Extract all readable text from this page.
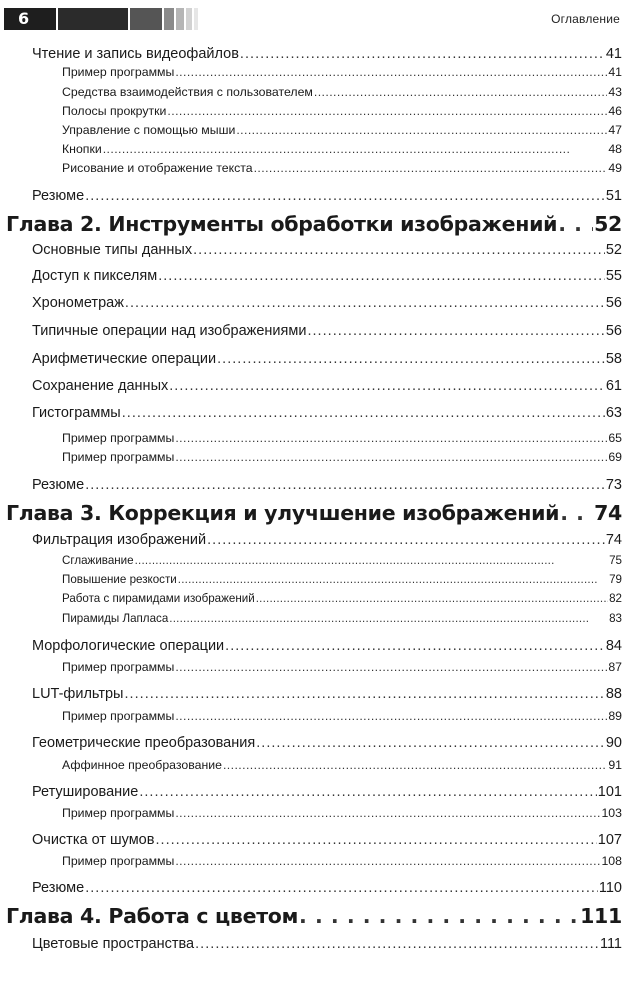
6	Оглавление
Чтение и запись видеофайлов . . .	41
Пример программы . . .	41
Средства взаимодействия с пользователем . . .	43
Полосы прокрутки . . .	46
Управление с помощью мыши . . .	47
Кнопки . . .	48
Рисование и отображение текста . . .	49
Резюме . . .	51
Глава 2. Инструменты обработки изображений . . . 52
Основные типы данных . . .	52
Доступ к пикселям . . .	55
Хронометраж . . .	56
Типичные операции над изображениями . . .	56
Арифметические операции . . .	58
Сохранение данных . . .	61
Гистограммы . . .	63
Пример программы . . .	65
Пример программы . . .	69
Резюме . . .	73
Глава 3. Коррекция и улучшение изображений . . . 74
Фильтрация изображений . . .	74
Сглаживание . . .	75
Повышение резкости . . .	79
Работа с пирамидами изображений . . .	82
Пирамиды Лапласа . . .	83
Морфологические операции . . .	84
Пример программы . . .	87
LUT-фильтры . . .	88
Пример программы . . .	89
Геометрические преобразования . . .	90
Аффинное преобразование . . .	91
Ретуширование . . .	101
Пример программы . . .	103
Очистка от шумов . . .	107
Пример программы . . .	108
Резюме . . .	110
Глава 4. Работа с цветом . . .	111
Цветовые пространства . . .	111
